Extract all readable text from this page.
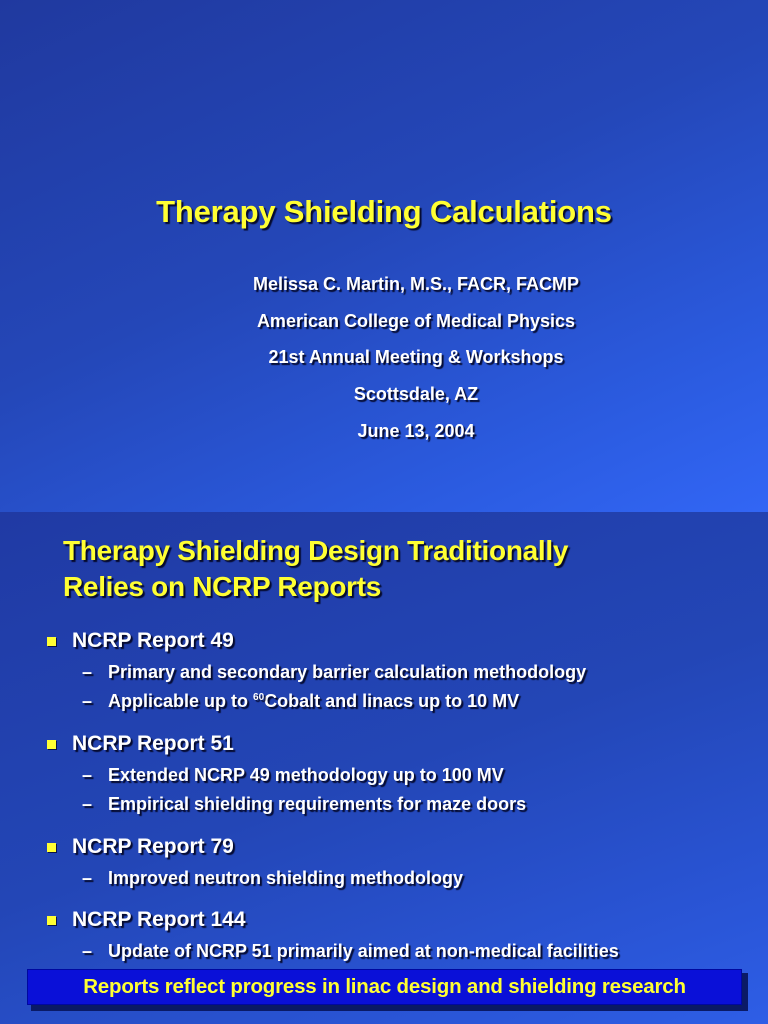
Therapy Shielding Calculations
Melissa C. Martin, M.S., FACR, FACMP
American College of Medical Physics
21st Annual Meeting & Workshops
Scottsdale, AZ
June 13, 2004
Therapy Shielding Design Traditionally
Relies on NCRP Reports
NCRP Report 49
– Primary and secondary barrier calculation methodology
– Applicable up to $^{60}$Cobalt and linacs up to 10 MV
NCRP Report 51
– Extended NCRP 49 methodology up to 100 MV
– Empirical shielding requirements for maze doors
NCRP Report 79
– Improved neutron shielding methodology
NCRP Report 144
– Update of NCRP 51 primarily aimed at non-medical facilities
Reports reflect progress in linac design and shielding research
